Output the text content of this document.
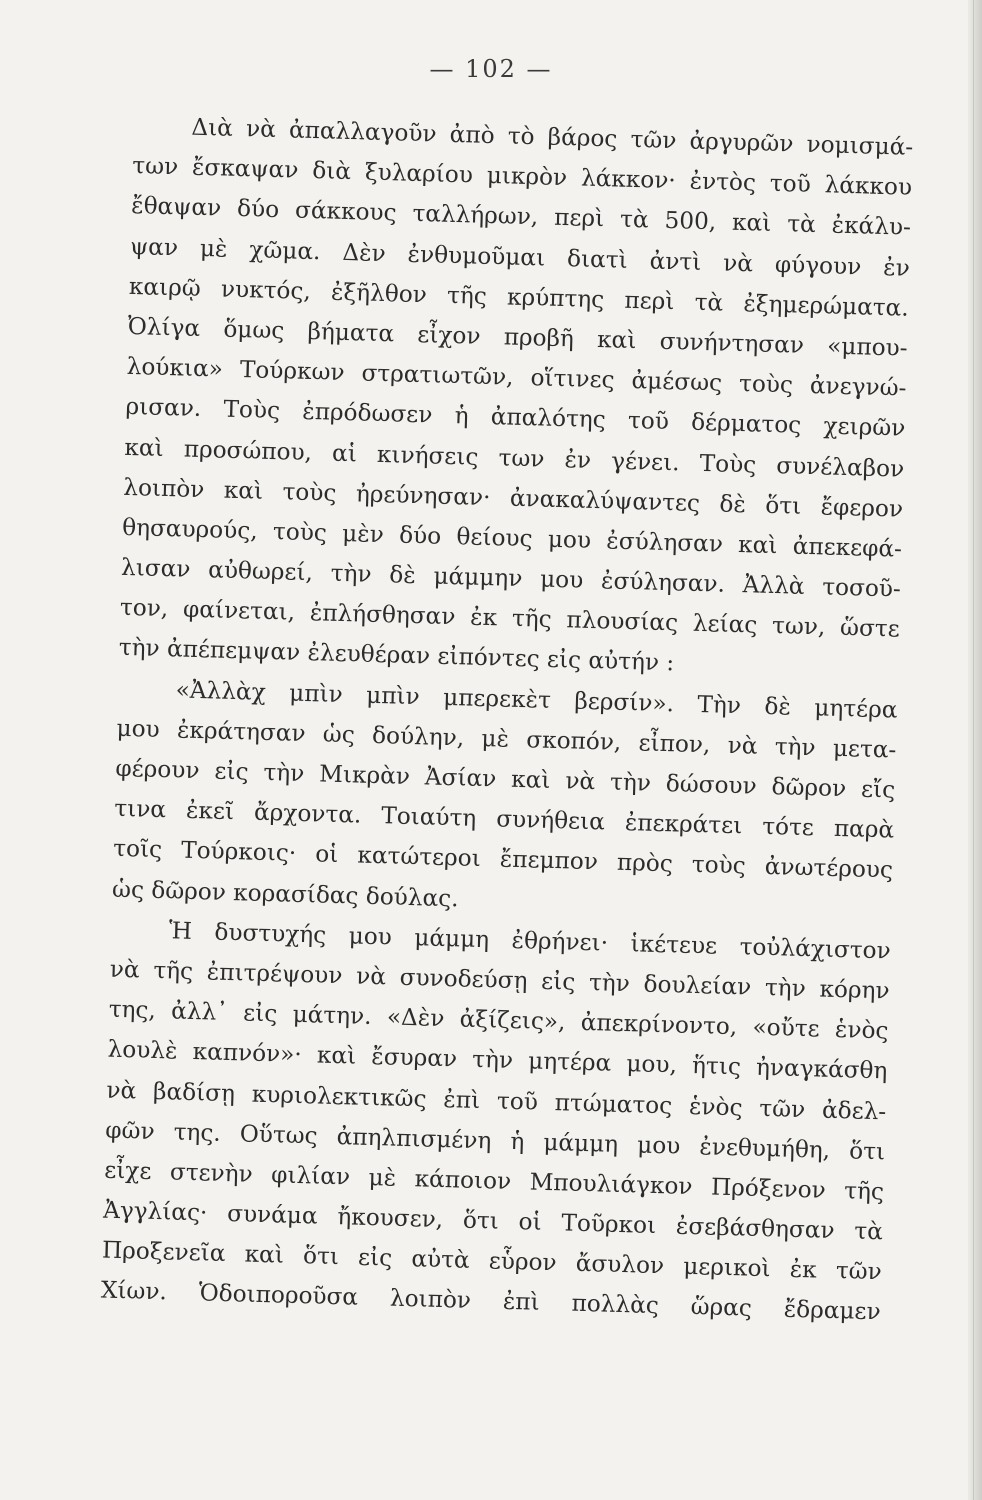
— 102 —
Διὰ νὰ ἀπαλλαγοῦν ἀπὸ τὸ βάρος τῶν ἀργυρῶν νομισμά-
των ἔσκαψαν διὰ ξυλαρίου μικρὸν λάκκον· ἐντὸς τοῦ λάκκου
ἔθαψαν δύο σάκκους ταλλήρων, περὶ τὰ 500, καὶ τὰ ἐκάλυ-
ψαν μὲ χῶμα. Δὲν ἐνθυμοῦμαι διατὶ ἀντὶ νὰ φύγουν ἐν
καιρῷ νυκτός, ἐξῆλθον τῆς κρύπτης περὶ τὰ ἐξημερώματα.
Ὀλίγα ὅμως βήματα εἶχον προβῆ καὶ συνήντησαν «μπου-
λούκια» Τούρκων στρατιωτῶν, οἵτινες ἀμέσως τοὺς ἀνεγνώ-
ρισαν. Τοὺς ἐπρόδωσεν ἡ ἀπαλότης τοῦ δέρματος χειρῶν
καὶ προσώπου, αἱ κινήσεις των ἐν γένει. Τοὺς συνέλαβον
λοιπὸν καὶ τοὺς ἠρεύνησαν· ἀνακαλύψαντες δὲ ὅτι ἔφερον
θησαυρούς, τοὺς μὲν δύο θείους μου ἐσύλησαν καὶ ἀπεκεφά-
λισαν αὐθωρεί, τὴν δὲ μάμμην μου ἐσύλησαν. Ἀλλὰ τοσοῦ-
τον, φαίνεται, ἐπλήσθησαν ἐκ τῆς πλουσίας λείας των, ὥστε
τὴν ἀπέπεμψαν ἐλευθέραν εἰπόντες εἰς αὐτήν :
«Ἀλλὰχ μπὶν μπὶν μπερεκὲτ βερσίν». Τὴν δὲ μητέρα
μου ἐκράτησαν ὡς δούλην, μὲ σκοπόν, εἶπον, νὰ τὴν μετα-
φέρουν εἰς τὴν Μικρὰν Ἀσίαν καὶ νὰ τὴν δώσουν δῶρον εἴς
τινα ἐκεῖ ἄρχοντα. Τοιαύτη συνήθεια ἐπεκράτει τότε παρὰ
τοῖς Τούρκοις· οἱ κατώτεροι ἔπεμπον πρὸς τοὺς ἀνωτέρους
ὡς δῶρον κορασίδας δούλας.
Ἡ δυστυχής μου μάμμη ἐθρήνει· ἱκέτευε τοὐλάχιστον
νὰ τῆς ἐπιτρέψουν νὰ συνοδεύσῃ εἰς τὴν δουλείαν τὴν κόρην
της, ἀλλ᾽ εἰς μάτην. «Δὲν ἀξίζεις», ἀπεκρίνοντο, «οὔτε ἑνὸς
λουλὲ καπνόν»· καὶ ἔσυραν τὴν μητέρα μου, ἥτις ἠναγκάσθη
νὰ βαδίσῃ κυριολεκτικῶς ἐπὶ τοῦ πτώματος ἑνὸς τῶν ἀδελ-
φῶν της. Οὕτως ἀπηλπισμένη ἡ μάμμη μου ἐνεθυμήθη, ὅτι
εἶχε στενὴν φιλίαν μὲ κάποιον Μπουλιάγκον Πρόξενον τῆς
Ἀγγλίας· συνάμα ἤκουσεν, ὅτι οἱ Τοῦρκοι ἐσεβάσθησαν τὰ
Προξενεῖα καὶ ὅτι εἰς αὐτὰ εὗρον ἄσυλον μερικοὶ ἐκ τῶν
Χίων. Ὁδοιποροῦσα λοιπὸν ἐπὶ πολλὰς ὥρας ἔδραμεν
